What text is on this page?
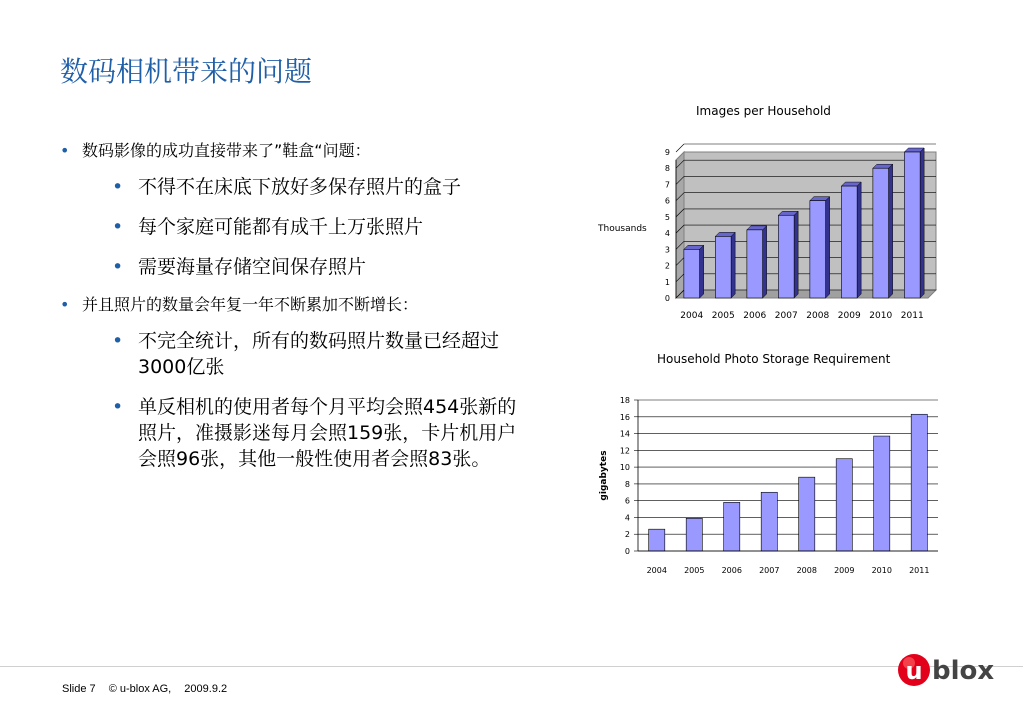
数码相机带来的问题
• 数码影像的成功直接带来了”鞋盒“问题：
• 不得不在床底下放好多保存照片的盒子
• 每个家庭可能都有成千上万张照片
• 需要海量存储空间保存照片
• 并且照片的数量会年复一年不断累加不断增长：
• 不完全统计，所有的数码照片数量已经超过3000亿张
• 单反相机的使用者每个月平均会照454张新的照片，准摄影迷每月会照159张，卡片机用户会照96张，其他一般性使用者会照83张。
Images per Household
Thousands
0
1
2
3
4
5
6
7
8
9
2004 2005 2006 2007 2008 2009 2010 2011
Household Photo Storage Requirement
0
2
4
6
8
10
12
14
16
18
gigabytes
2004 2005 2006 2007 2008 2009 2010 2011
Slide 7 © u-blox AG, 2009.9.2
u blox
